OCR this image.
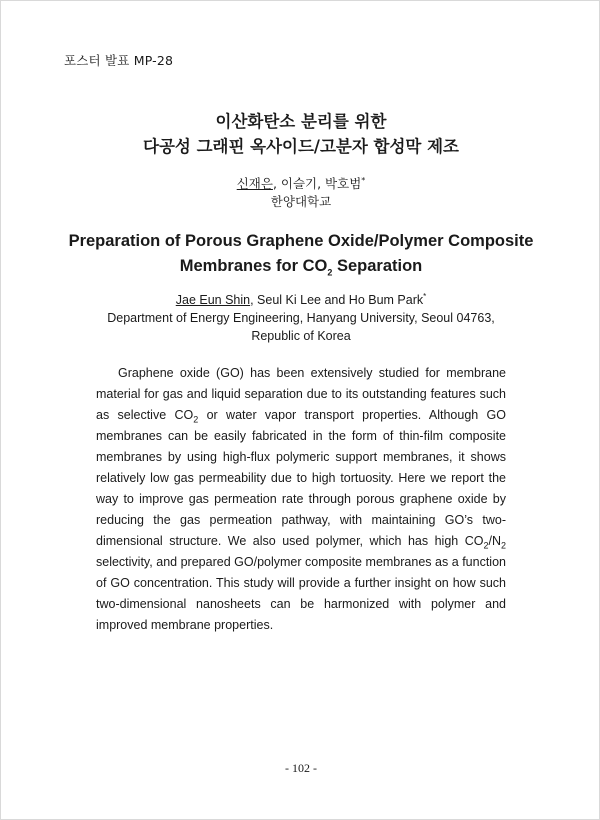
포스터 발표 MP-28
이산화탄소 분리를 위한
다공성 그래핀 옥사이드/고분자 합성막 제조
신재은, 이슬기, 박호범*
한양대학교
Preparation of Porous Graphene Oxide/Polymer Composite
Membranes for $CO_2$ Separation
Jae Eun Shin, Seul Ki Lee and Ho Bum Park*
Department of Energy Engineering, Hanyang University, Seoul 04763,
Republic of Korea
Graphene oxide (GO) has been extensively studied for membrane material for gas and liquid separation due to its outstanding features such as selective $CO_2$ or water vapor transport properties. Although GO membranes can be easily fabricated in the form of thin-film composite membranes by using high-flux polymeric support membranes, it shows relatively low gas permeability due to high tortuosity. Here we report the way to improve gas permeation rate through porous graphene oxide by reducing the gas permeation pathway, with maintaining GO’s two-dimensional structure. We also used polymer, which has high $CO_2/N_2$ selectivity, and prepared GO/polymer composite membranes as a function of GO concentration. This study will provide a further insight on how such two-dimensional nanosheets can be harmonized with polymer and improved membrane properties.
- 102 -
